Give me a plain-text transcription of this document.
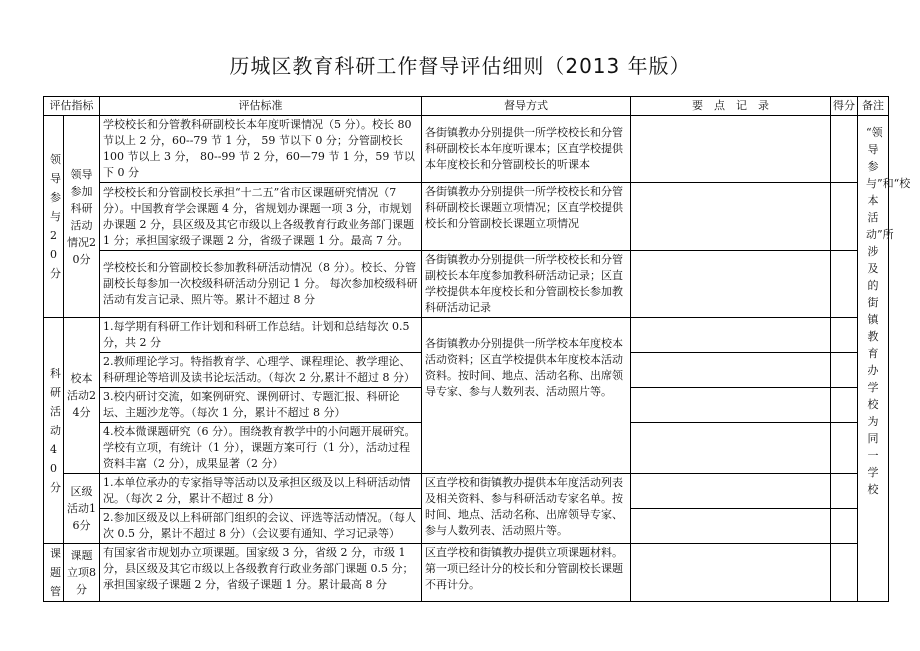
历城区教育科研工作督导评估细则（2013 年版）
评估指标		评估标准	督导方式	要　点　记　录	得分	备注
领导参与20分	领导参加科研活动情况20分	学校校长和分管教科研副校长本年度听课情况（5 分）。校长 80 节以上 2 分，60--79 节 1 分， 59 节以下 0 分；分管副校长 100 节以上 3 分， 80--99 节 2 分，60—79 节 1 分，59 节以下 0 分	各街镇教办分别提供一所学校校长和分管科研副校长本年度听课本；区直学校提供本年度校长和分管副校长的听课本			“领导参与”和“校本活动”所涉及的街镇教育办学校为同一学校
		学校校长和分管副校长承担“十二五”省市区课题研究情况（7 分）。中国教育学会课题 4 分，省规划办课题一项 3 分，市规划办课题 2 分，县区级及其它市级以上各级教育行政业务部门课题 1 分；承担国家级子课题 2 分，省级子课题 1 分。最高 7 分。	各街镇教办分别提供一所学校校长和分管科研副校长课题立项情况；区直学校提供校长和分管副校长课题立项情况			
		学校校长和分管副校长参加教科研活动情况（8 分）。校长、分管副校长每参加一次校级科研活动分别记 1 分。 每次参加校级科研活动有发言记录、照片等。累计不超过 8 分	各街镇教办分别提供一所学校校长和分管副校长本年度参加教科研活动记录；区直学校提供本年度校长和分管副校长参加教科研活动记录			
科研活动40分	校本活动24分	1.每学期有科研工作计划和科研工作总结。计划和总结每次 0.5 分，共 2 分	各街镇教办分别提供一所学校本年度校本活动资料；区直学校提供本年度校本活动资料。按时间、地点、活动名称、出席领导专家、参与人数列表、活动照片等。			
		2.教师理论学习。特指教育学、心理学、课程理论、教学理论、科研理论等培训及读书论坛活动。（每次 2 分,累计不超过 8 分）				
		3.校内研讨交流，如案例研究、课例研讨、专题汇报、科研论坛、主题沙龙等。（每次 1 分，累计不超过 8 分）				
		4.校本微课题研究（6 分）。围绕教育教学中的小问题开展研究。学校有立项，有统计（1 分），课题方案可行（1 分），活动过程资料丰富（2 分），成果显著（2 分）				
	区级活动16分	1.本单位承办的专家指导等活动以及承担区级及以上科研活动情况。（每次 2 分，累计不超过 8 分）	区直学校和街镇教办提供本年度活动列表及相关资料、参与科研活动专家名单。按时间、地点、活动名称、出席领导专家、参与人数列表、活动照片等。			
		2.参加区级及以上科研部门组织的会议、评选等活动情况。（每人次 0.5 分，累计不超过 8 分）（会议要有通知、学习记录等）				
课题管	课题立项8分	有国家省市规划办立项课题。国家级 3 分，省级 2 分，市级 1 分，县区级及其它市级以上各级教育行政业务部门课题 0.5 分；承担国家级子课题 2 分，省级子课题 1 分。累计最高 8 分	区直学校和街镇教办提供立项课题材料。第一项已经计分的校长和分管副校长课题不再计分。			
